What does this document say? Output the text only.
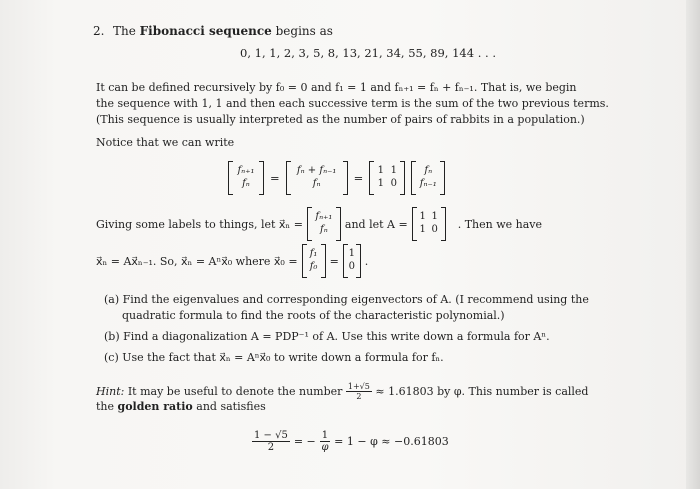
2. The Fibonacci sequence begins as
0, 1, 1, 2, 3, 5, 8, 13, 21, 34, 55, 89, 144 . . .
It can be defined recursively by f₀ = 0 and f₁ = 1 and fₙ₊₁ = fₙ + fₙ₋₁. That is, we begin
the sequence with 1, 1 and then each successive term is the sum of the two previous terms.
(This sequence is usually interpreted as the number of pairs of rabbits in a population.)
Notice that we can write
fₙ₊₁
fₙ	=	fₙ + fₙ₋₁
fₙ	= 1 1
1 0
fₙ
fₙ₋₁
Giving some labels to things, let x⃗ₙ =
fₙ₊₁
fₙ	and let A =
1 1
1 0 . Then we have
x⃗ₙ = Ax⃗ₙ₋₁. So, x⃗ₙ = Aⁿx⃗₀ where x⃗₀ =
f₁
f₀	=
1
0 .
(a) Find the eigenvalues and corresponding eigenvectors of A. (I recommend using the
quadratic formula to find the roots of the characteristic polynomial.)
(b) Find a diagonalization A = PDP⁻¹ of A. Use this write down a formula for Aⁿ.
(c) Use the fact that x⃗ₙ = Aⁿx⃗₀ to write down a formula for fₙ.
Hint: It may be useful to denote the number $\frac{1+√5}{2} \approx 1.61803$ by φ. This number is called
the golden ratio and satisfies
$\frac{1 - √5}{2}$ = − $\frac{1}{\varphi} = 1 - \varphi \approx -0.61803$
